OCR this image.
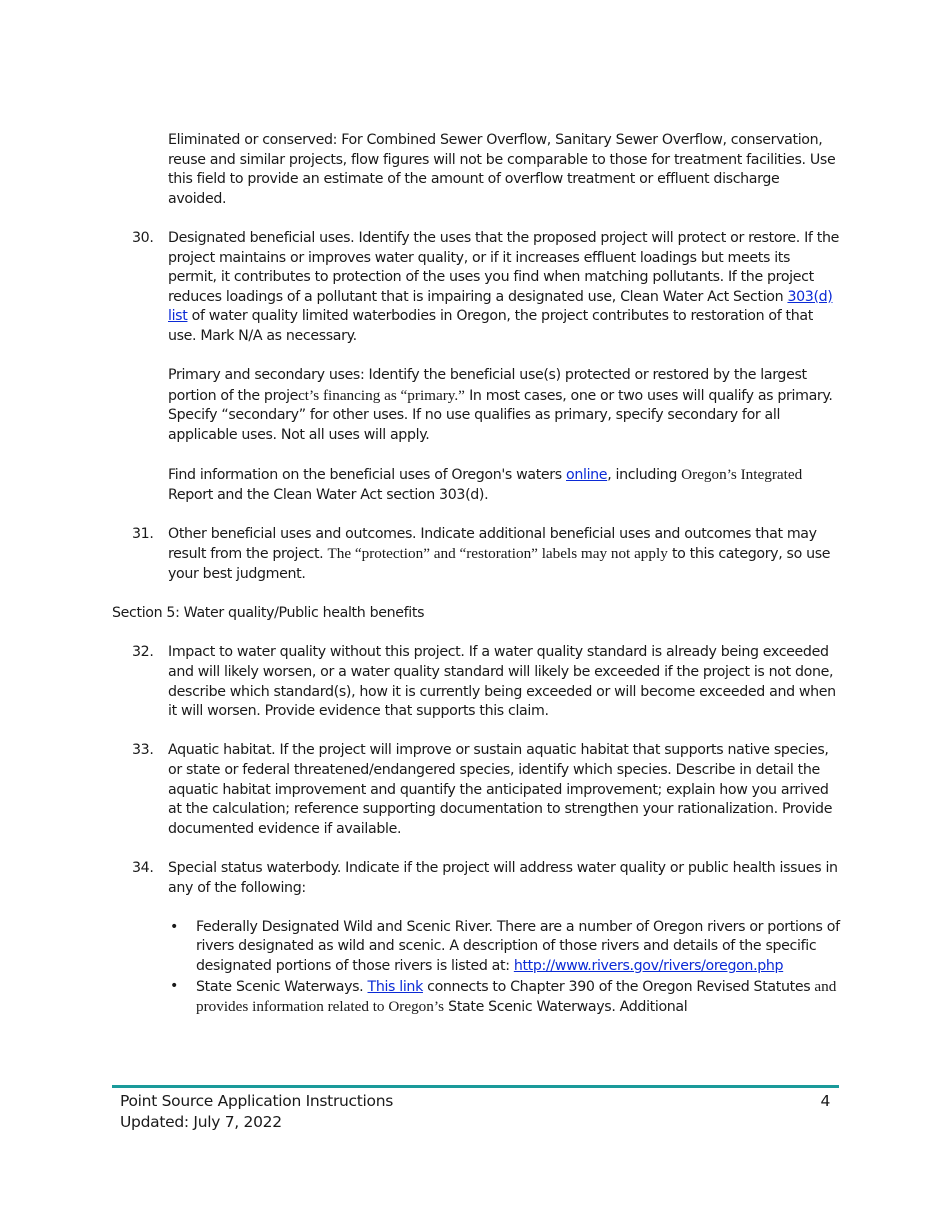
Eliminated or conserved: For Combined Sewer Overflow, Sanitary Sewer Overflow, conservation, reuse and similar projects, flow figures will not be comparable to those for treatment facilities. Use this field to provide an estimate of the amount of overflow treatment or effluent discharge avoided.

30. Designated beneficial uses. Identify the uses that the proposed project will protect or restore. If the project maintains or improves water quality, or if it increases effluent loadings but meets its permit, it contributes to protection of the uses you find when matching pollutants. If the project reduces loadings of a pollutant that is impairing a designated use, Clean Water Act Section 303(d) list of water quality limited waterbodies in Oregon, the project contributes to restoration of that use. Mark N/A as necessary.

Primary and secondary uses: Identify the beneficial use(s) protected or restored by the largest portion of the project’s financing as “primary.” In most cases, one or two uses will qualify as primary. Specify “secondary” for other uses. If no use qualifies as primary, specify secondary for all applicable uses. Not all uses will apply.

Find information on the beneficial uses of Oregon's waters online, including Oregon’s Integrated Report and the Clean Water Act section 303(d).

31. Other beneficial uses and outcomes. Indicate additional beneficial uses and outcomes that may result from the project. The “protection” and “restoration” labels may not apply to this category, so use your best judgment.

Section 5: Water quality/Public health benefits

32. Impact to water quality without this project. If a water quality standard is already being exceeded and will likely worsen, or a water quality standard will likely be exceeded if the project is not done, describe which standard(s), how it is currently being exceeded or will become exceeded and when it will worsen. Provide evidence that supports this claim.
33. Aquatic habitat. If the project will improve or sustain aquatic habitat that supports native species, or state or federal threatened/endangered species, identify which species. Describe in detail the aquatic habitat improvement and quantify the anticipated improvement; explain how you arrived at the calculation; reference supporting documentation to strengthen your rationalization. Provide documented evidence if available.
34. Special status waterbody. Indicate if the project will address water quality or public health issues in any of the following:
• Federally Designated Wild and Scenic River. There are a number of Oregon rivers or portions of rivers designated as wild and scenic. A description of those rivers and details of the specific designated portions of those rivers is listed at: http://www.rivers.gov/rivers/oregon.php
• State Scenic Waterways. This link connects to Chapter 390 of the Oregon Revised Statutes and provides information related to Oregon’s State Scenic Waterways. Additional
Point Source Application Instructions
Updated: July 7, 2022
4
